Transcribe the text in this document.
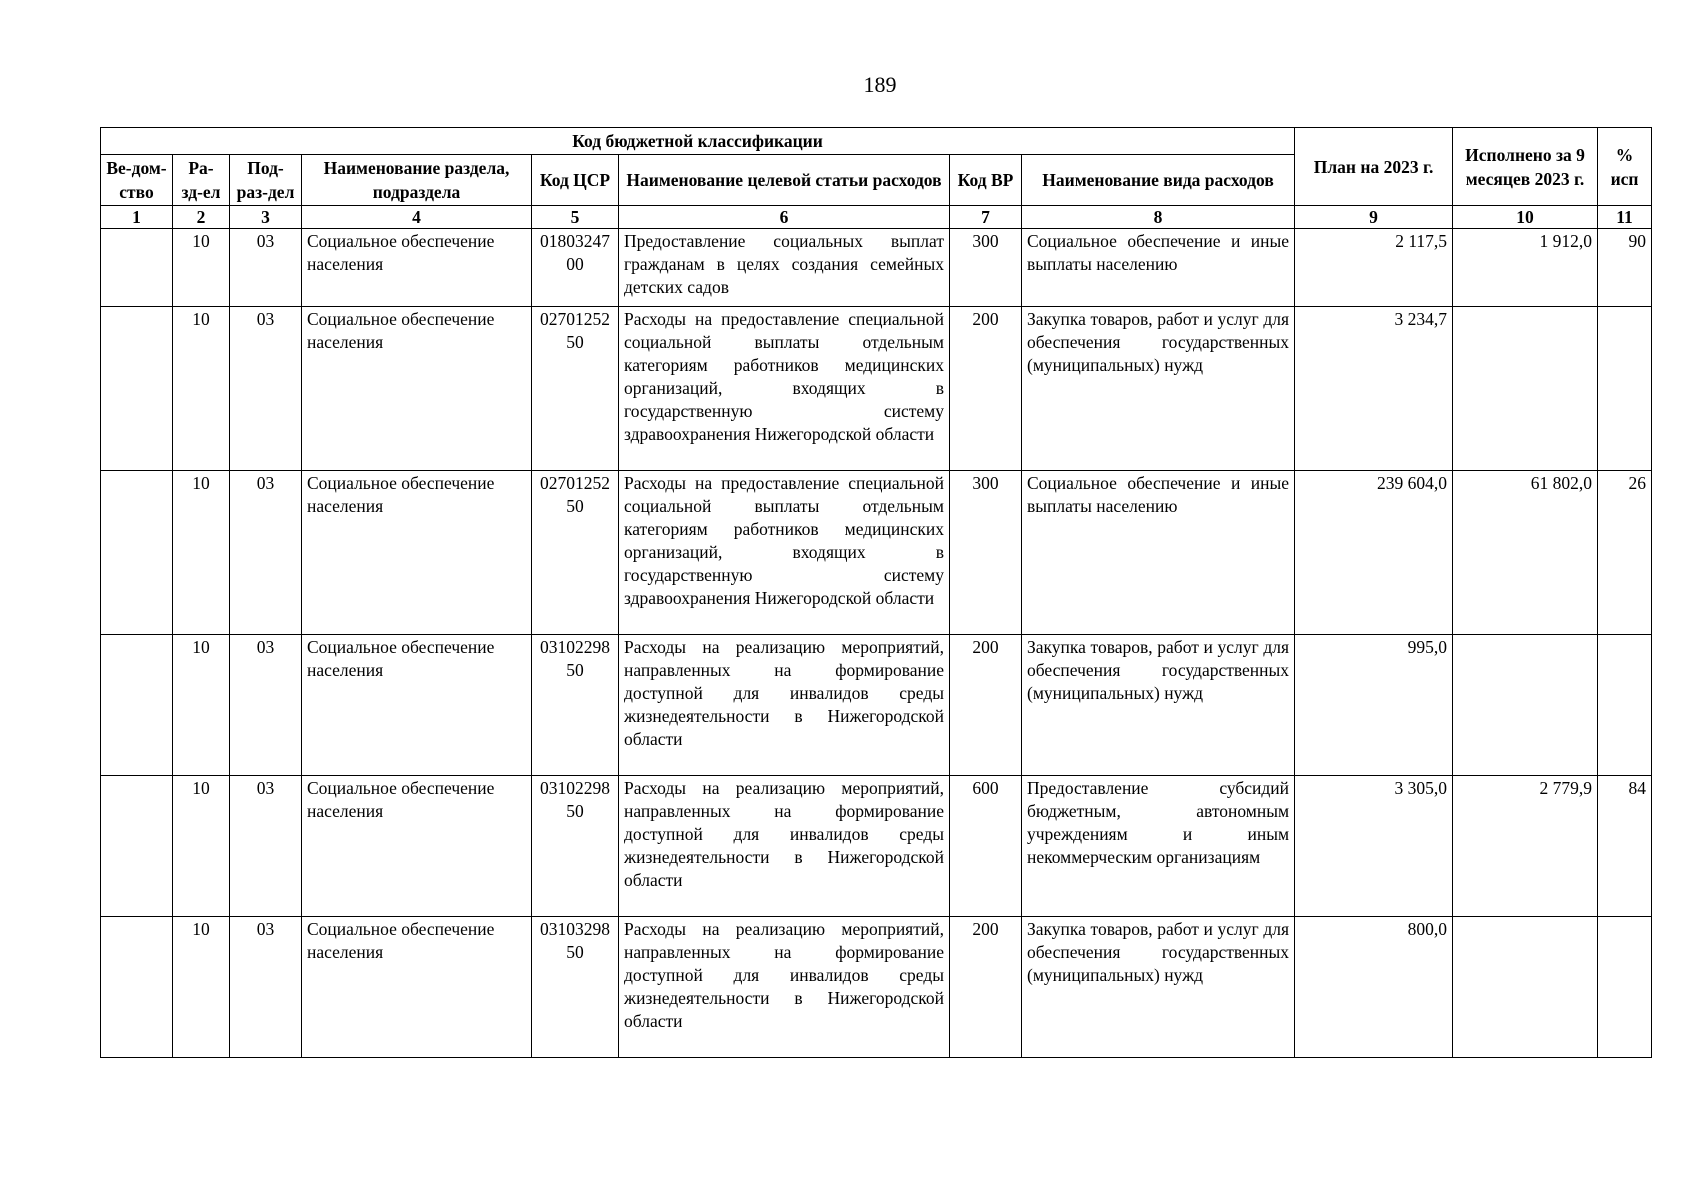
189
Код бюджетной классификации								План на 2023 г.	Исполнено за 9 месяцев 2023 г.	% исп
Ве-дом-ство	Ра-зд-ел	Под-раз-дел	Наименование раздела, подраздела	Код ЦСР	Наименование целевой статьи расходов	Код ВР	Наименование вида расходов			
1	2	3	4	5	6	7	8	9	10	11
	10	03	Социальное обеспечение населения	0180324700	Предоставление социальных выплат гражданам в целях создания семейных детских садов	300	Социальное обеспечение и иные выплаты населению	2 117,5	1 912,0	90
	10	03	Социальное обеспечение населения	0270125250	Расходы на предоставление специальной социальной выплаты отдельным категориям работников медицинских организаций, входящих в государственную систему здравоохранения Нижегородской области	200	Закупка товаров, работ и услуг для обеспечения государственных (муниципальных) нужд	3 234,7		
	10	03	Социальное обеспечение населения	0270125250	Расходы на предоставление специальной социальной выплаты отдельным категориям работников медицинских организаций, входящих в государственную систему здравоохранения Нижегородской области	300	Социальное обеспечение и иные выплаты населению	239 604,0	61 802,0	26
	10	03	Социальное обеспечение населения	0310229850	Расходы на реализацию мероприятий, направленных на формирование доступной для инвалидов среды жизнедеятельности в Нижегородской области	200	Закупка товаров, работ и услуг для обеспечения государственных (муниципальных) нужд	995,0		
	10	03	Социальное обеспечение населения	0310229850	Расходы на реализацию мероприятий, направленных на формирование доступной для инвалидов среды жизнедеятельности в Нижегородской области	600	Предоставление субсидий бюджетным, автономным учреждениям и иным некоммерческим организациям	3 305,0	2 779,9	84
	10	03	Социальное обеспечение населения	0310329850	Расходы на реализацию мероприятий, направленных на формирование доступной для инвалидов среды жизнедеятельности в Нижегородской области	200	Закупка товаров, работ и услуг для обеспечения государственных (муниципальных) нужд	800,0		
